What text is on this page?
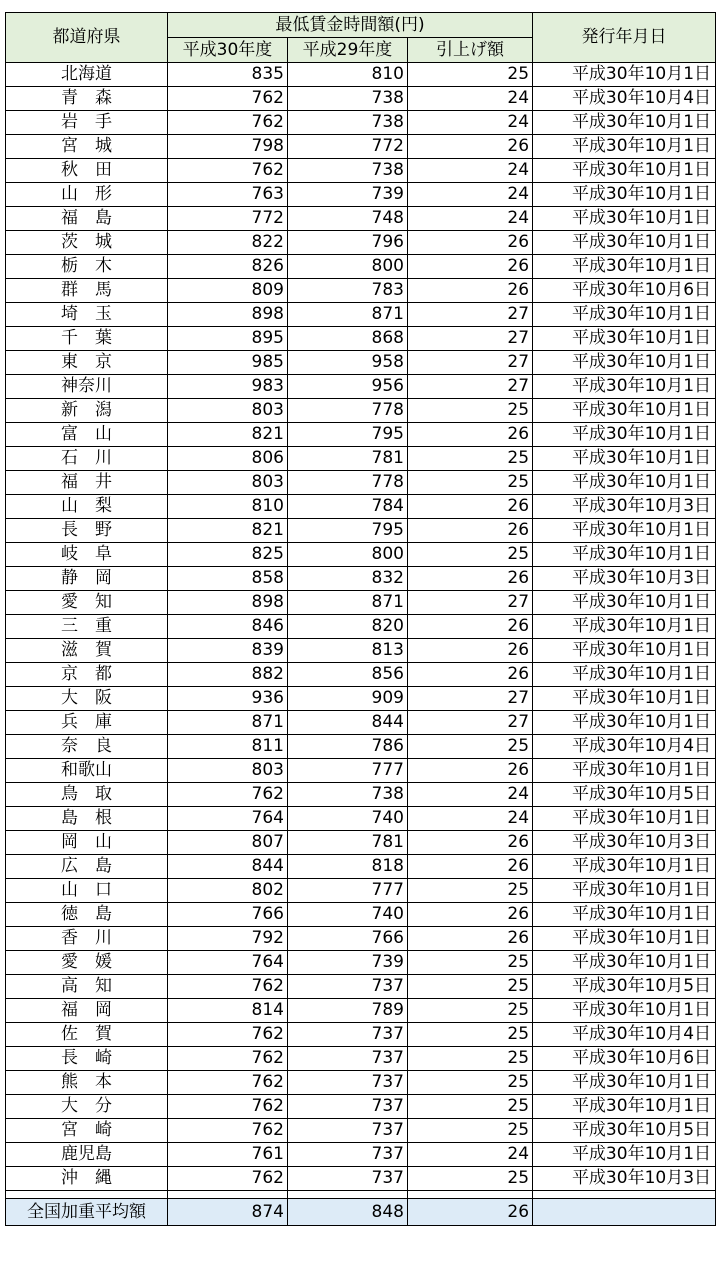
都道府県	最低賃金時間額(円)			発行年月日
	平成30年度	平成29年度	引上げ額	
北海道	835	810	25	平成30年10月1日
青　森	762	738	24	平成30年10月4日
岩　手	762	738	24	平成30年10月1日
宮　城	798	772	26	平成30年10月1日
秋　田	762	738	24	平成30年10月1日
山　形	763	739	24	平成30年10月1日
福　島	772	748	24	平成30年10月1日
茨　城	822	796	26	平成30年10月1日
栃　木	826	800	26	平成30年10月1日
群　馬	809	783	26	平成30年10月6日
埼　玉	898	871	27	平成30年10月1日
千　葉	895	868	27	平成30年10月1日
東　京	985	958	27	平成30年10月1日
神奈川	983	956	27	平成30年10月1日
新　潟	803	778	25	平成30年10月1日
富　山	821	795	26	平成30年10月1日
石　川	806	781	25	平成30年10月1日
福　井	803	778	25	平成30年10月1日
山　梨	810	784	26	平成30年10月3日
長　野	821	795	26	平成30年10月1日
岐　阜	825	800	25	平成30年10月1日
静　岡	858	832	26	平成30年10月3日
愛　知	898	871	27	平成30年10月1日
三　重	846	820	26	平成30年10月1日
滋　賀	839	813	26	平成30年10月1日
京　都	882	856	26	平成30年10月1日
大　阪	936	909	27	平成30年10月1日
兵　庫	871	844	27	平成30年10月1日
奈　良	811	786	25	平成30年10月4日
和歌山	803	777	26	平成30年10月1日
鳥　取	762	738	24	平成30年10月5日
島　根	764	740	24	平成30年10月1日
岡　山	807	781	26	平成30年10月3日
広　島	844	818	26	平成30年10月1日
山　口	802	777	25	平成30年10月1日
徳　島	766	740	26	平成30年10月1日
香　川	792	766	26	平成30年10月1日
愛　媛	764	739	25	平成30年10月1日
高　知	762	737	25	平成30年10月5日
福　岡	814	789	25	平成30年10月1日
佐　賀	762	737	25	平成30年10月4日
長　崎	762	737	25	平成30年10月6日
熊　本	762	737	25	平成30年10月1日
大　分	762	737	25	平成30年10月1日
宮　崎	762	737	25	平成30年10月5日
鹿児島	761	737	24	平成30年10月1日
沖　縄	762	737	25	平成30年10月3日

全国加重平均額	874	848	26	
